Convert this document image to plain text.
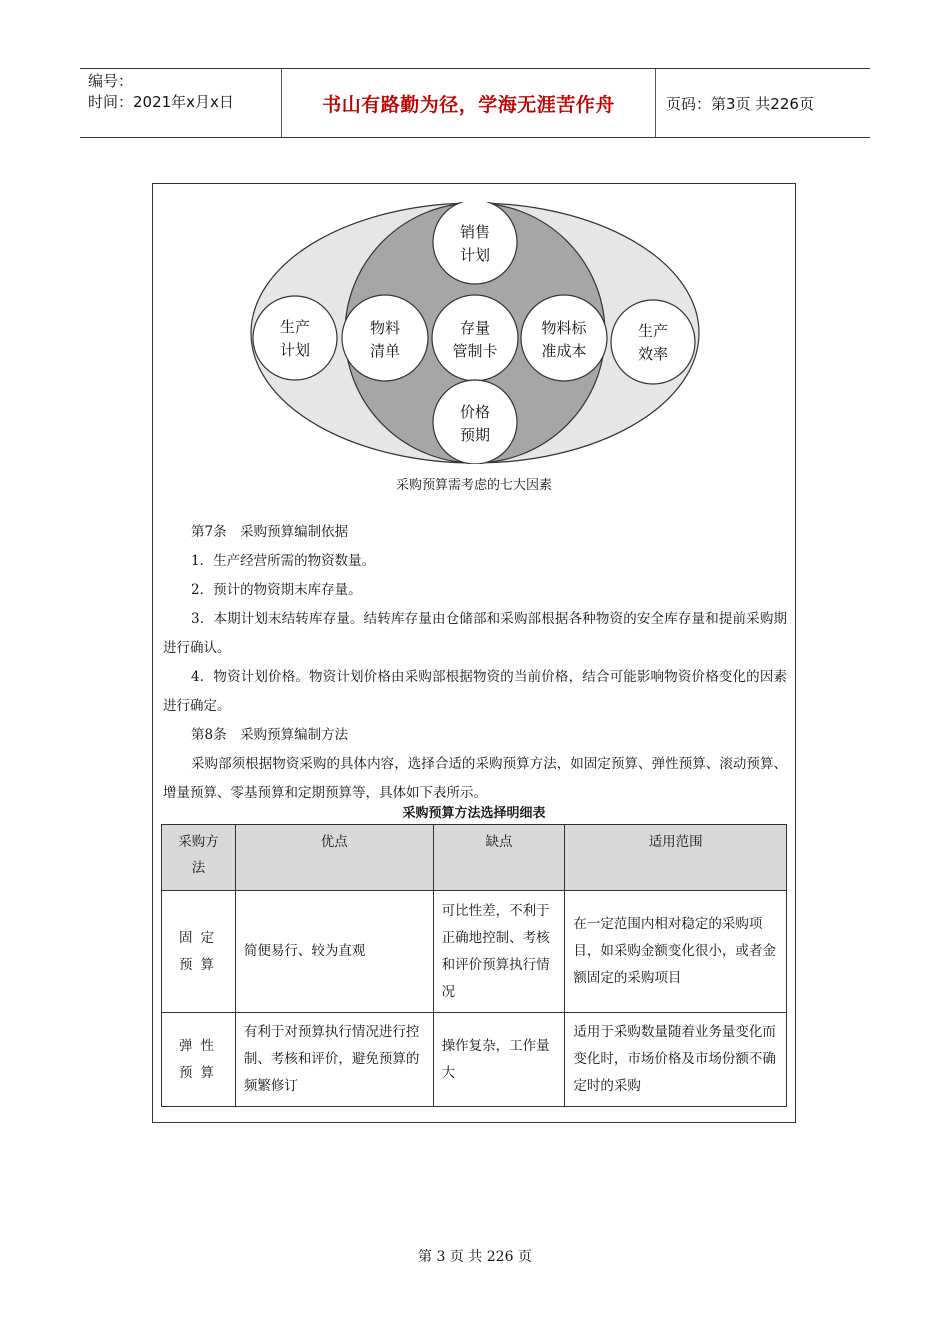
编号：
时间：2021年x月x日	书山有路勤为径，学海无涯苦作舟	页码：第3页 共226页
销售
计划
生产
计划
物料
清单
存量
管制卡
物料标
准成本
生产
效率
价格
预期
采购预算需考虑的七大因素

第7条　采购预算编制依据

1．生产经营所需的物资数量。

2．预计的物资期末库存量。

3．本期计划末结转库存量。结转库存量由仓储部和采购部根据各种物资的安全库存量和提前采购期进行确认。

4．物资计划价格。物资计划价格由采购部根据物资的当前价格，结合可能影响物资价格变化的因素进行确定。

第8条　采购预算编制方法

采购部须根据物资采购的具体内容，选择合适的采购预算方法，如固定预算、弹性预算、滚动预算、增量预算、零基预算和定期预算等，具体如下表所示。

采购预算方法选择明细表
采购方法	优点	缺点	适用范围
固定预算	简便易行、较为直观	可比性差，不利于正确地控制、考核和评价预算执行情况	在一定范围内相对稳定的采购项目，如采购金额变化很小，或者金额固定的采购项目
弹性预算	有利于对预算执行情况进行控制、考核和评价，避免预算的频繁修订	操作复杂，工作量大	适用于采购数量随着业务量变化而变化时，市场价格及市场份额不确定时的采购
第 3 页 共 226 页
